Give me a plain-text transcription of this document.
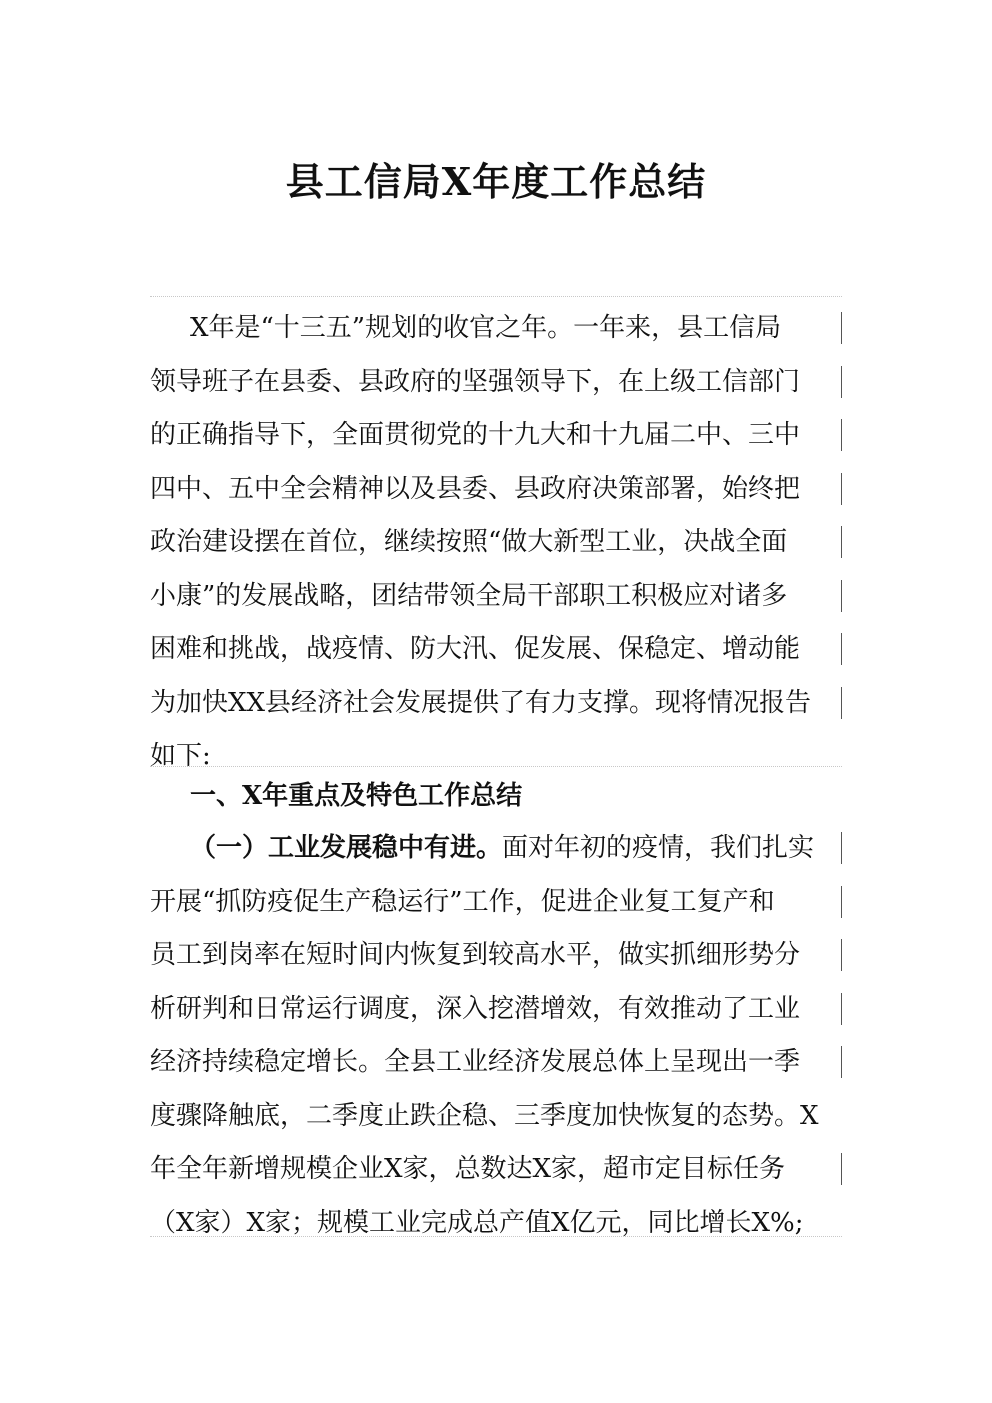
县工信局X年度工作总结
X年是“十三五”规划的收官之年。一年来，县工信局
领导班子在县委、县政府的坚强领导下，在上级工信部门
的正确指导下，全面贯彻党的十九大和十九届二中、三中
四中、五中全会精神以及县委、县政府决策部署，始终把
政治建设摆在首位，继续按照“做大新型工业，决战全面
小康”的发展战略，团结带领全局干部职工积极应对诸多
困难和挑战，战疫情、防大汛、促发展、保稳定、增动能
为加快XX县经济社会发展提供了有力支撑。现将情况报告
如下:
一、X年重点及特色工作总结
（一）工业发展稳中有进。面对年初的疫情，我们扎实
开展“抓防疫促生产稳运行”工作，促进企业复工复产和
员工到岗率在短时间内恢复到较高水平，做实抓细形势分
析研判和日常运行调度，深入挖潜增效，有效推动了工业
经济持续稳定增长。全县工业经济发展总体上呈现出一季
度骤降触底，二季度止跌企稳、三季度加快恢复的态势。X
年全年新增规模企业X家，总数达X家，超市定目标任务
（X家）X家；规模工业完成总产值X亿元，同比增长X%;
